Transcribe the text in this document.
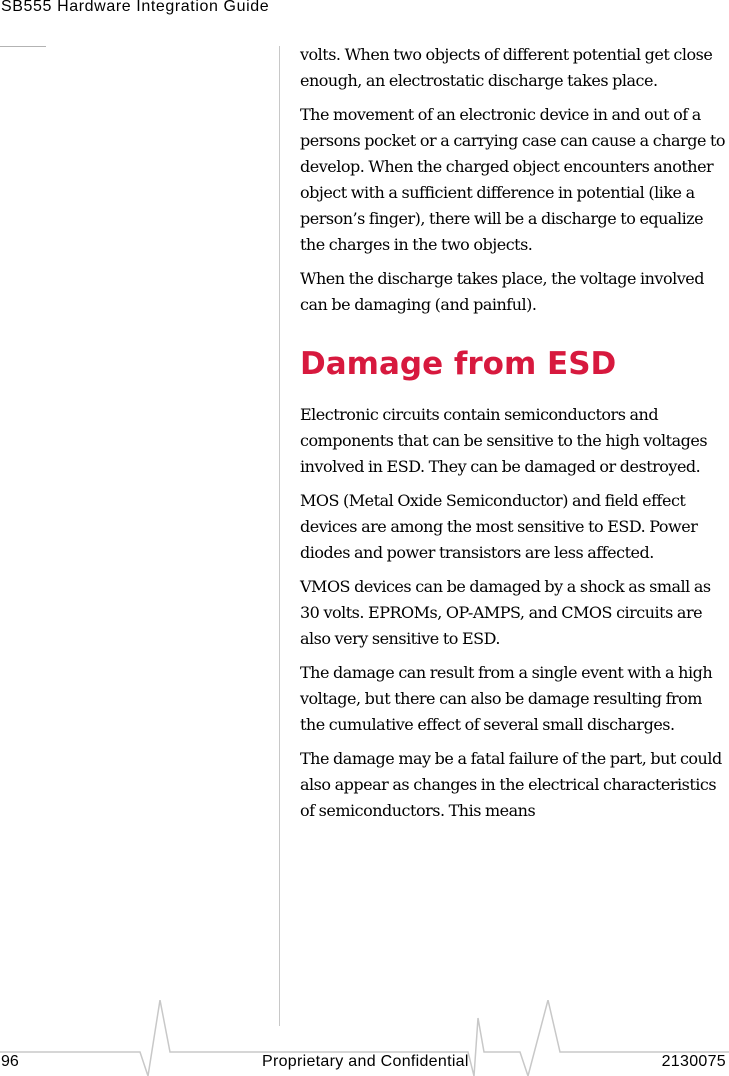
SB555 Hardware Integration Guide

volts. When two objects of different potential get close enough, an electrostatic discharge takes place.

The movement of an electronic device in and out of a persons pocket or a carrying case can cause a charge to develop. When the charged object encounters another object with a sufficient difference in potential (like a person’s finger), there will be a discharge to equalize the charges in the two objects.

When the discharge takes place, the voltage involved can be damaging (and painful).

Damage from ESD

Electronic circuits contain semiconductors and components that can be sensitive to the high voltages involved in ESD. They can be damaged or destroyed.

MOS (Metal Oxide Semiconductor) and field effect devices are among the most sensitive to ESD. Power diodes and power transistors are less affected.

VMOS devices can be damaged by a shock as small as 30 volts. EPROMs, OP-AMPS, and CMOS circuits are also very sensitive to ESD.

The damage can result from a single event with a high voltage, but there can also be damage resulting from the cumulative effect of several small discharges.

The damage may be a fatal failure of the part, but could also appear as changes in the electrical characteristics of semiconductors. This means

96	Proprietary and Confidential	2130075
